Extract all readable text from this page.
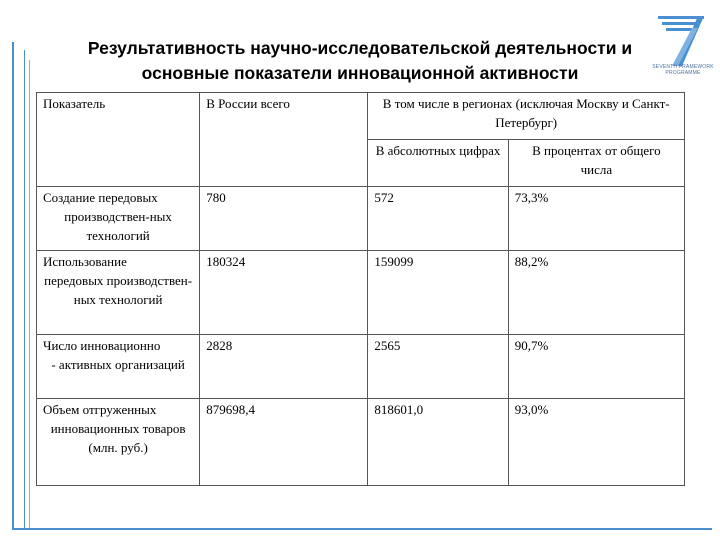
SEVENTH FRAMEWORK PROGRAMME
Результативность научно-исследовательской деятельности и
основные показатели инновационной активности
Показатель	В России всего	В том числе в регионах (исключая Москву и Санкт-Петербург)	
		В абсолютных цифрах	В процентах от общего числа

Создание передовых
производствен-ных технологий	780	572	73,3%

Использование
передовых производствен-ных технологий	180324	159099	88,2%

Число инновационно
- активных организаций	2828	2565	90,7%

Объем отгруженных
инновационных товаров (млн. руб.)	879698,4	818601,0	93,0%
